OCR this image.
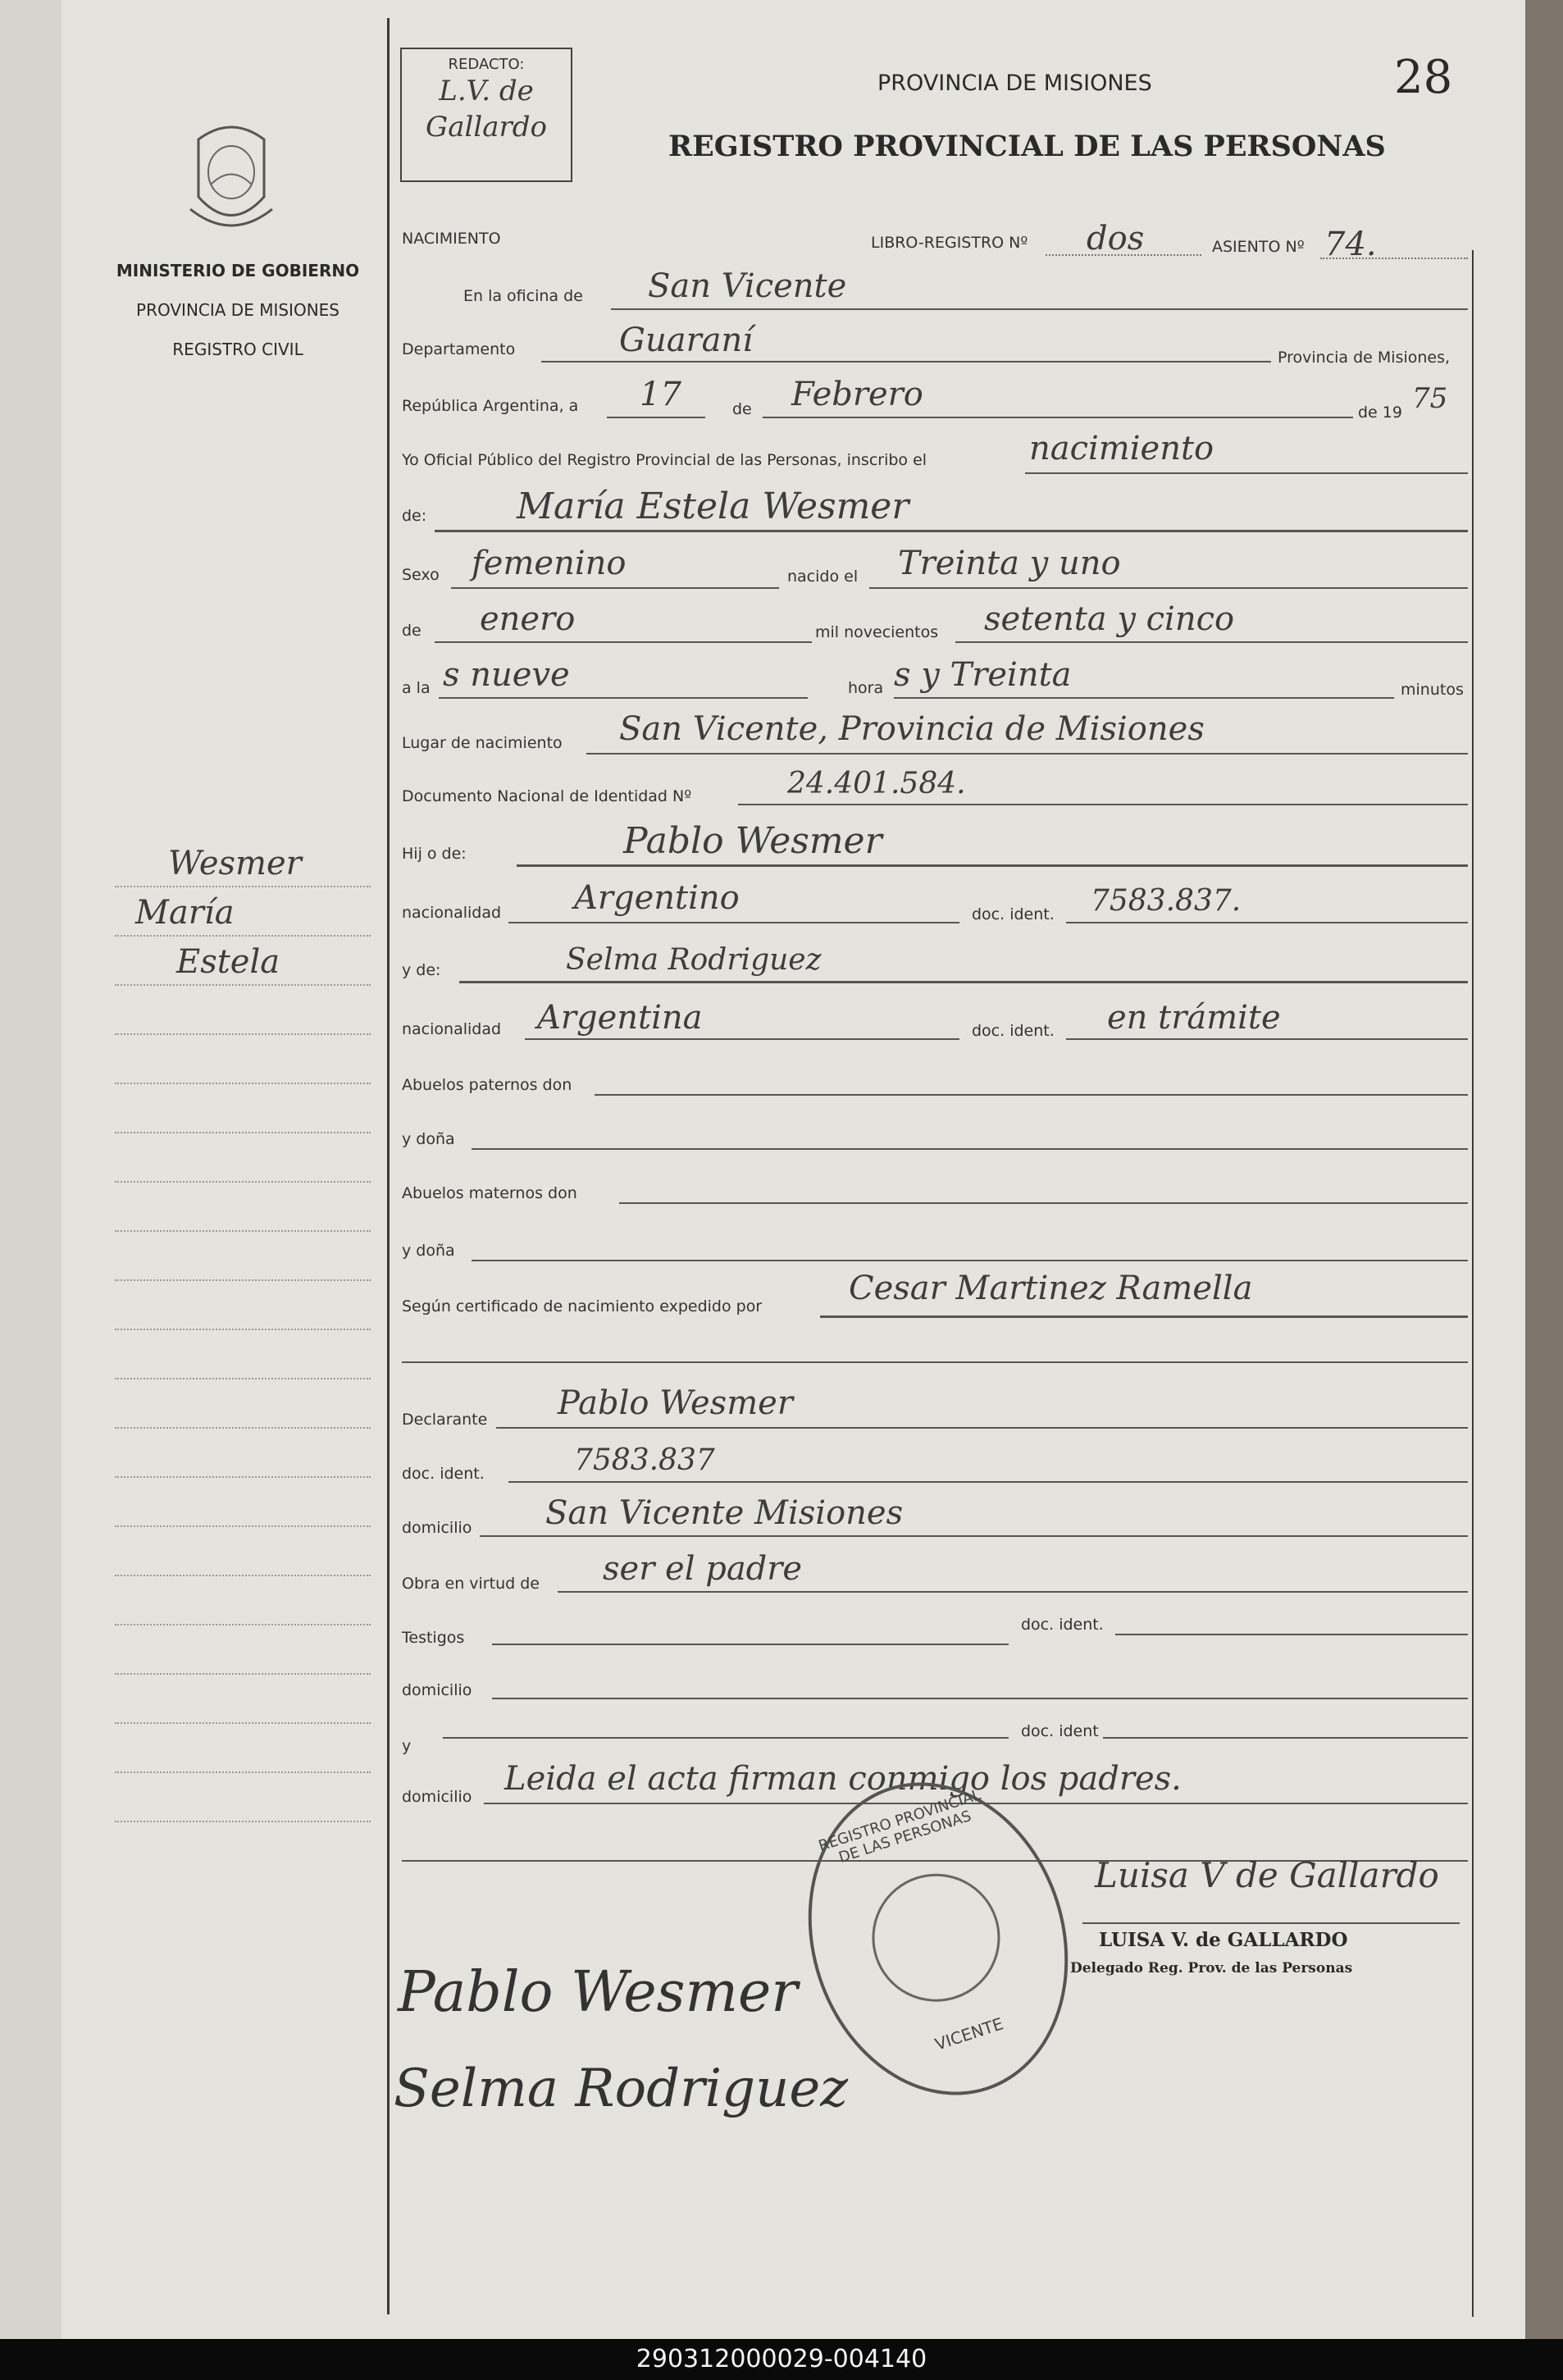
MINISTERIO DE GOBIERNO
PROVINCIA DE MISIONES
REGISTRO CIVIL
Wesmer
María
Estela
REDACTO:
L.V. de Gallardo
PROVINCIA DE MISIONES
REGISTRO PROVINCIAL DE LAS PERSONAS
28
NACIMIENTO	LIBRO-REGISTRO Nº dos	ASIENTO Nº 74.
En la oficina de San Vicente
Departamento	Guaraní	Provincia de Misiones,
República Argentina, a 17	de Febrero	de 19 75
Yo Oficial Público del Registro Provincial de las Personas, inscribo el	nacimiento
de: María Estela Wesmer
Sexo femenino	nacido el Treinta y uno
de enero	mil novecientos setenta y cinco
a la s nueve	hora s y Treinta	minutos
Lugar de nacimiento San Vicente, Provincia de Misiones
Documento Nacional de Identidad Nº	24.401.584.
Hij o de:	Pablo Wesmer
nacionalidad Argentino	doc. ident. 7583.837.
y de:	Selma Rodriguez
nacionalidad Argentina	doc. ident. en trámite
Abuelos paternos don
y doña
Abuelos maternos don
y doña
Según certificado de nacimiento expedido por	Cesar Martinez Ramella
Declarante Pablo Wesmer
doc. ident.	7583.837
domicilio San Vicente Misiones
Obra en virtud de ser el padre
Testigos
doc. ident.
domicilio
y
doc. ident
domicilio Leida el acta firman conmigo los padres.
REGISTRO PROVINCIAL DE LAS PERSONAS
VICENTE
Luisa V de Gallardo
LUISA V. de GALLARDO
Delegado Reg. Prov. de las Personas
Pablo Wesmer
Selma Rodriguez
290312000029-004140
